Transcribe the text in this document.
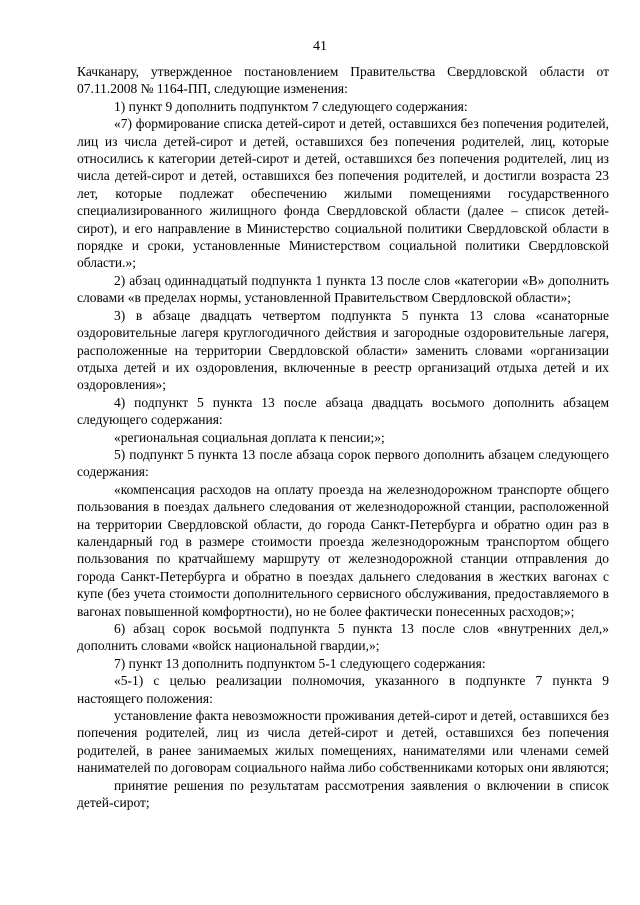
41

Качканару, утвержденное постановлением Правительства Свердловской области от 07.11.2008 № 1164-ПП, следующие изменения:

1) пункт 9 дополнить подпунктом 7 следующего содержания:

«7) формирование списка детей-сирот и детей, оставшихся без попечения родителей, лиц из числа детей-сирот и детей, оставшихся без попечения родителей, лиц, которые относились к категории детей-сирот и детей, оставшихся без попечения родителей, лиц из числа детей-сирот и детей, оставшихся без попечения родителей, и достигли возраста 23 лет, которые подлежат обеспечению жилыми помещениями государственного специализированного жилищного фонда Свердловской области (далее – список детей-сирот), и его направление в Министерство социальной политики Свердловской области в порядке и сроки, установленные Министерством социальной политики Свердловской области.»;

2) абзац одиннадцатый подпункта 1 пункта 13 после слов «категории «В» дополнить словами «в пределах нормы, установленной Правительством Свердловской области»;

3) в абзаце двадцать четвертом подпункта 5 пункта 13 слова «санаторные оздоровительные лагеря круглогодичного действия и загородные оздоровительные лагеря, расположенные на территории Свердловской области» заменить словами «организации отдыха детей и их оздоровления, включенные в реестр организаций отдыха детей и их оздоровления»;

4) подпункт 5 пункта 13 после абзаца двадцать восьмого дополнить абзацем следующего содержания:

«региональная социальная доплата к пенсии;»;

5) подпункт 5 пункта 13 после абзаца сорок первого дополнить абзацем следующего содержания:

«компенсация расходов на оплату проезда на железнодорожном транспорте общего пользования в поездах дальнего следования от железнодорожной станции, расположенной на территории Свердловской области, до города Санкт-Петербурга и обратно один раз в календарный год в размере стоимости проезда железнодорожным транспортом общего пользования по кратчайшему маршруту от железнодорожной станции отправления до города Санкт-Петербурга и обратно в поездах дальнего следования в жестких вагонах с купе (без учета стоимости дополнительного сервисного обслуживания, предоставляемого в вагонах повышенной комфортности), но не более фактически понесенных расходов;»;

6) абзац сорок восьмой подпункта 5 пункта 13 после слов «внутренних дел,» дополнить словами «войск национальной гвардии,»;

7) пункт 13 дополнить подпунктом 5-1 следующего содержания:

«5-1) с целью реализации полномочия, указанного в подпункте 7 пункта 9 настоящего положения:

установление факта невозможности проживания детей-сирот и детей, оставшихся без попечения родителей, лиц из числа детей-сирот и детей, оставшихся без попечения родителей, в ранее занимаемых жилых помещениях, нанимателями или членами семей нанимателей по договорам социального найма либо собственниками которых они являются;

принятие решения по результатам рассмотрения заявления о включении в список детей-сирот;
